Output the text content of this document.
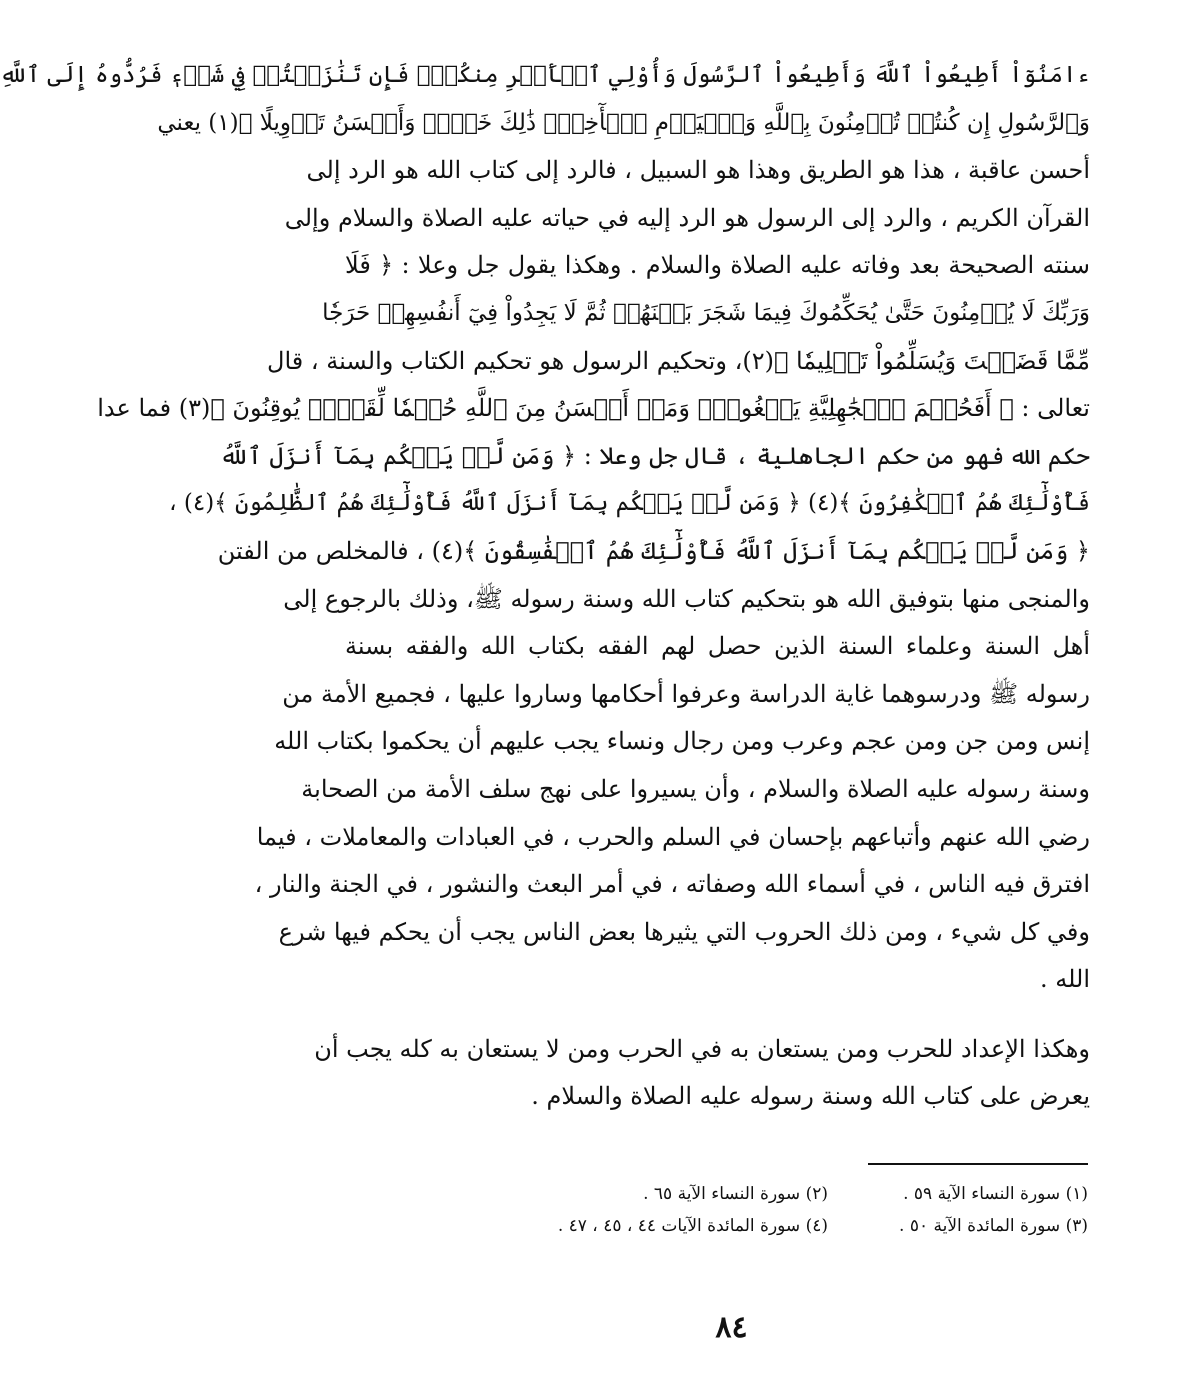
ءامَنُوٓاْ أَطِيعُواْ ٱللَّهَ وَأَطِيعُواْ ٱلرَّسُولَ وَأُوْلِي ٱلۡأَمۡرِ مِنكُمۡۖ فَإِن تَنَٰزَعۡتُمۡ فِي شَيۡءٖ فَرُدُّوهُ إِلَى ٱللَّهِ
وَٱلرَّسُولِ إِن كُنتُمۡ تُؤۡمِنُونَ بِٱللَّهِ وَٱلۡيَوۡمِ ٱلۡأٓخِرِۚ ذَٰلِكَ خَيۡرٞ وَأَحۡسَنُ تَأۡوِيلًا ﴾(١) يعني
أحسن عاقبة ، هذا هو الطريق وهذا هو السبيل ، فالرد إلى كتاب الله هو الرد إلى
القرآن الكريم ، والرد إلى الرسول هو الرد إليه في حياته عليه الصلاة والسلام وإلى
سنته الصحيحة بعد وفاته عليه الصلاة والسلام . وهكذا يقول جل وعلا : ﴿ فَلَا
وَرَبِّكَ لَا يُؤۡمِنُونَ حَتَّىٰ يُحَكِّمُوكَ فِيمَا شَجَرَ بَيۡنَهُمۡ ثُمَّ لَا يَجِدُواْ فِيٓ أَنفُسِهِمۡ حَرَجٗا
مِّمَّا قَضَيۡتَ وَيُسَلِّمُواْ تَسۡلِيمٗا ﴾(٢)، وتحكيم الرسول هو تحكيم الكتاب والسنة ، قال
تعالى : ﴿ أَفَحُكۡمَ ٱلۡجَٰهِلِيَّةِ يَبۡغُونَۚ وَمَنۡ أَحۡسَنُ مِنَ ٱللَّهِ حُكۡمٗا لِّقَوۡمٖ يُوقِنُونَ ﴾(٣) فما عدا
حكم الله فهو من حكم الجاهلية ، قال جل وعلا : ﴿ وَمَن لَّمۡ يَحۡكُم بِمَآ أَنزَلَ ٱللَّهُ
فَأُوْلَٰٓئِكَ هُمُ ٱلۡكَٰفِرُونَ ﴾(٤) ﴿ وَمَن لَّمۡ يَحۡكُم بِمَآ أَنزَلَ ٱللَّهُ فَأُوْلَٰٓئِكَ هُمُ ٱلظَّٰلِمُونَ ﴾(٤) ،
﴿ وَمَن لَّمۡ يَحۡكُم بِمَآ أَنزَلَ ٱللَّهُ فَأُوْلَٰٓئِكَ هُمُ ٱلۡفَٰسِقُونَ ﴾(٤) ، فالمخلص من الفتن
والمنجى منها بتوفيق الله هو بتحكيم كتاب الله وسنة رسوله ﷺ، وذلك بالرجوع إلى
أهل السنة وعلماء السنة الذين حصل لهم الفقه بكتاب الله والفقه بسنة
رسوله ﷺ ودرسوهما غاية الدراسة وعرفوا أحكامها وساروا عليها ، فجميع الأمة من
إنس ومن جن ومن عجم وعرب ومن رجال ونساء يجب عليهم أن يحكموا بكتاب الله
وسنة رسوله عليه الصلاة والسلام ، وأن يسيروا على نهج سلف الأمة من الصحابة
رضي الله عنهم وأتباعهم بإحسان في السلم والحرب ، في العبادات والمعاملات ، فيما
افترق فيه الناس ، في أسماء الله وصفاته ، في أمر البعث والنشور ، في الجنة والنار ،
وفي كل شيء ، ومن ذلك الحروب التي يثيرها بعض الناس يجب أن يحكم فيها شرع
الله .
وهكذا الإعداد للحرب ومن يستعان به في الحرب ومن لا يستعان به كله يجب أن
يعرض على كتاب الله وسنة رسوله عليه الصلاة والسلام .
(١) سورة النساء الآية ٥٩ .
(٢) سورة النساء الآية ٦٥ .
(٣) سورة المائدة الآية ٥٠ .
(٤) سورة المائدة الآيات ٤٤ ، ٤٥ ، ٤٧ .
٨٤
